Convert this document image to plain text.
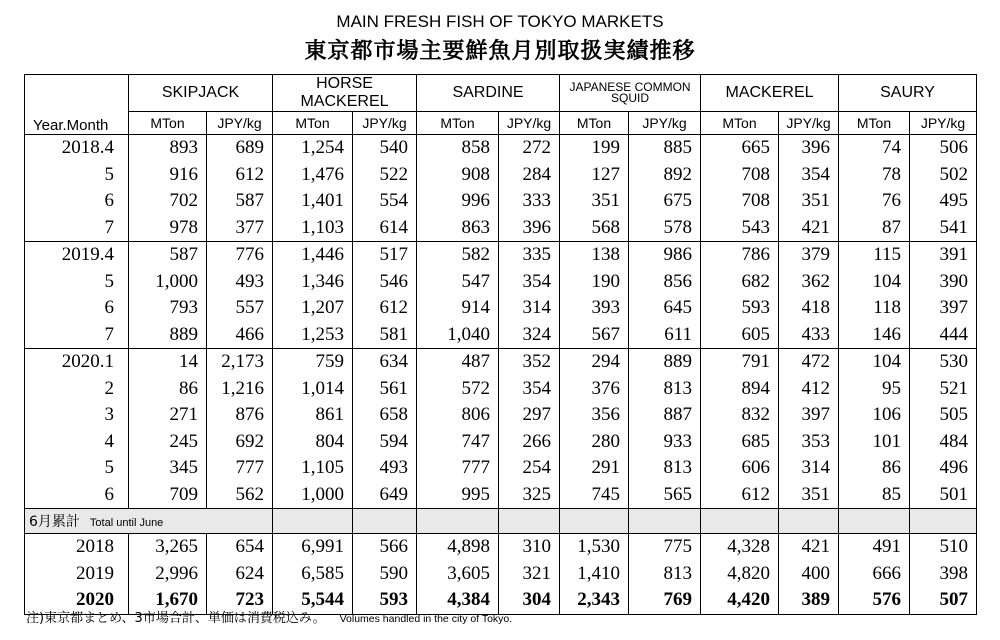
MAIN FRESH FISH OF TOKYO MARKETS
東京都市場主要鮮魚月別取扱実績推移
	SKIPJACK		HORSE MACKEREL		SARDINE		JAPANESE COMMON SQUID		MACKEREL		SAURY	
Year.Month	MTon	JPY/kg	MTon	JPY/kg	MTon	JPY/kg	MTon	JPY/kg	MTon	JPY/kg	MTon	JPY/kg
2018.4	893	689	1,254	540	858	272	199	885	665	396	74	506
5	916	612	1,476	522	908	284	127	892	708	354	78	502
6	702	587	1,401	554	996	333	351	675	708	351	76	495
7	978	377	1,103	614	863	396	568	578	543	421	87	541
2019.4	587	776	1,446	517	582	335	138	986	786	379	115	391
5	1,000	493	1,346	546	547	354	190	856	682	362	104	390
6	793	557	1,207	612	914	314	393	645	593	418	118	397
7	889	466	1,253	581	1,040	324	567	611	605	433	146	444
2020.1	14	2,173	759	634	487	352	294	889	791	472	104	530
2	86	1,216	1,014	561	572	354	376	813	894	412	95	521
3	271	876	861	658	806	297	356	887	832	397	106	505
4	245	692	804	594	747	266	280	933	685	353	101	484
5	345	777	1,105	493	777	254	291	813	606	314	86	496
6	709	562	1,000	649	995	325	745	565	612	351	85	501
6月累計 Total until June												
2018	3,265	654	6,991	566	4,898	310	1,530	775	4,328	421	491	510
2019	2,996	624	6,585	590	3,605	321	1,410	813	4,820	400	666	398
2020	1,670	723	5,544	593	4,384	304	2,343	769	4,420	389	576	507
注)東京都まとめ、3市場合計、単価は消費税込み。 Volumes handled in the city of Tokyo.
